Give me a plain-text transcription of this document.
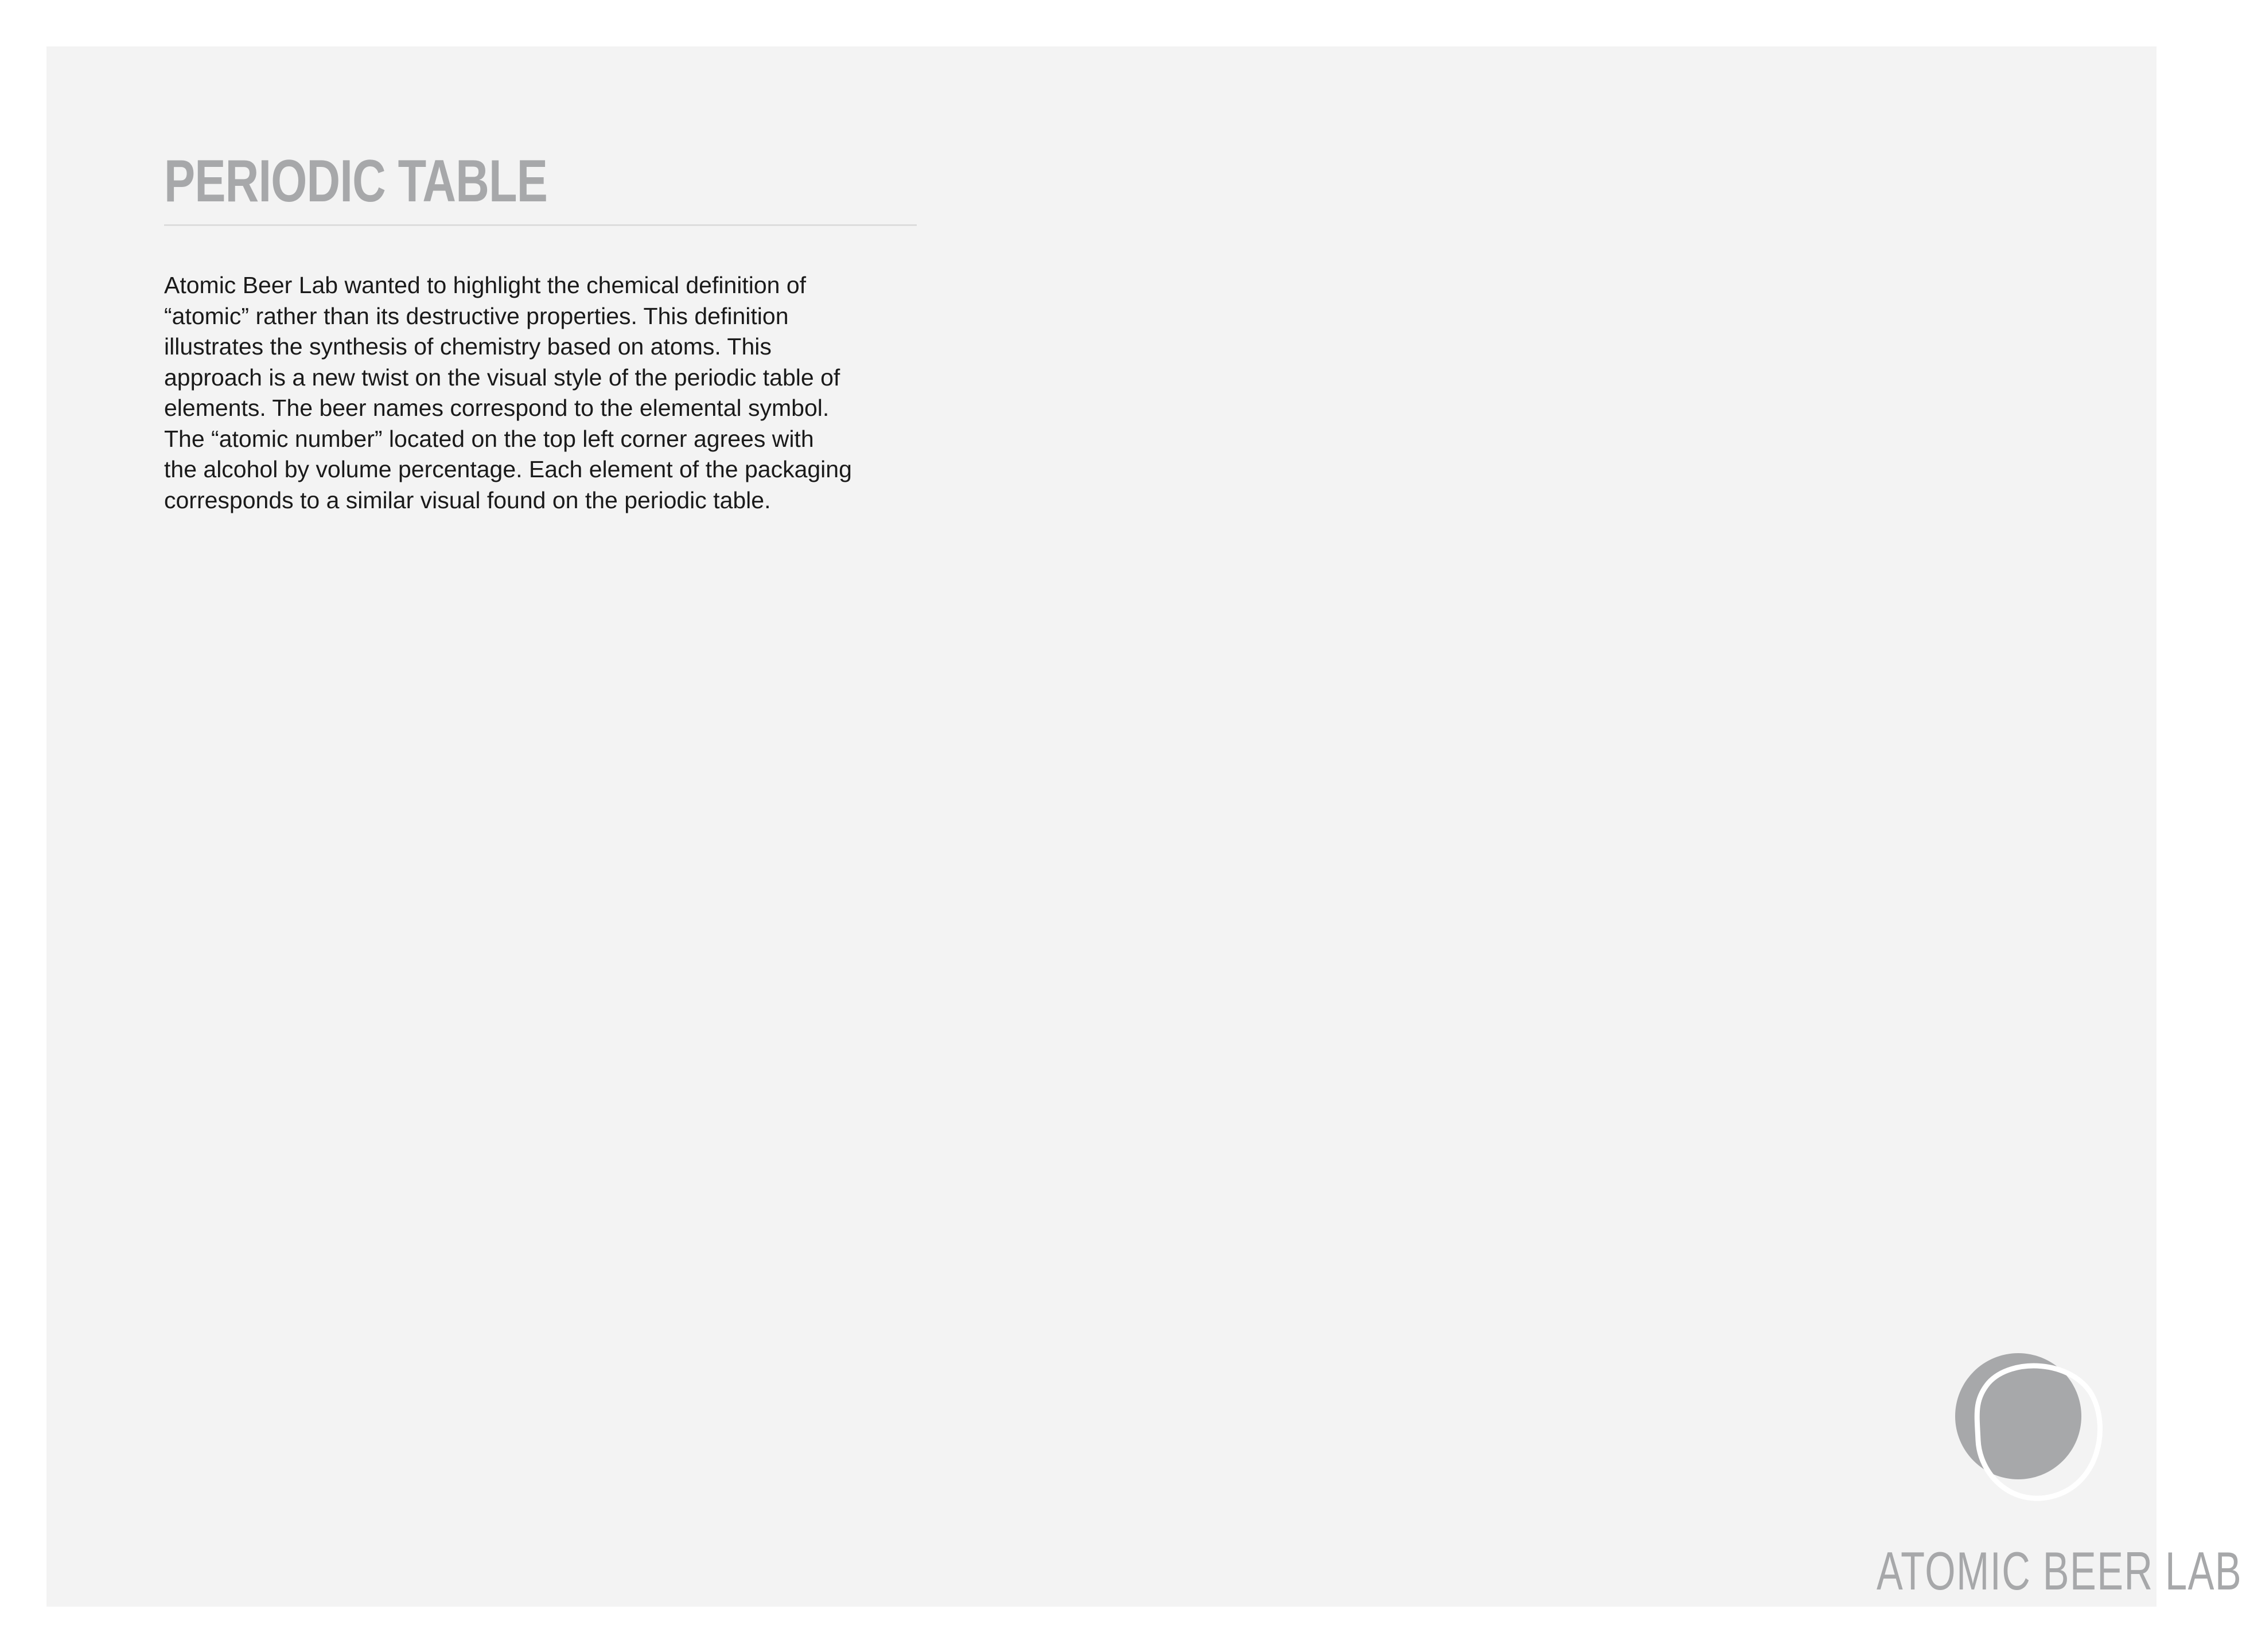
PERIODIC TABLE
Atomic Beer Lab wanted to highlight the chemical definition of
“atomic” rather than its destructive properties. This definition
illustrates the synthesis of chemistry based on atoms. This
approach is a new twist on the visual style of the periodic table of
elements. The beer names correspond to the elemental symbol.
The “atomic number” located on the top left corner agrees with
the alcohol by volume percentage. Each element of the packaging
corresponds to a similar visual found on the periodic table.
ATOMIC BEER LAB
